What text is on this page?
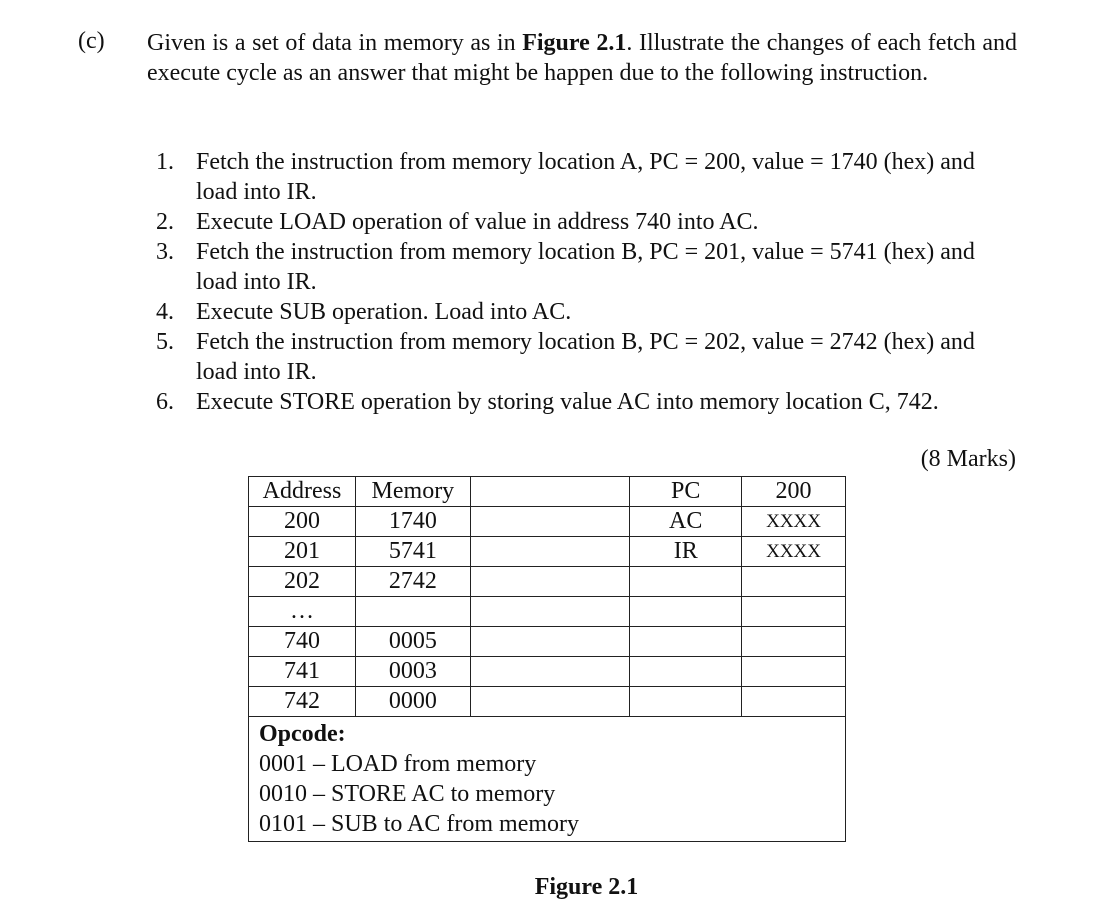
(c) Given is a set of data in memory as in Figure 2.1. Illustrate the changes of each fetch and execute cycle as an answer that might be happen due to the following instruction.
1. Fetch the instruction from memory location A, PC = 200, value = 1740 (hex) and load into IR.
2. Execute LOAD operation of value in address 740 into AC.
3. Fetch the instruction from memory location B, PC = 201, value = 5741 (hex) and load into IR.
4. Execute SUB operation. Load into AC.
5. Fetch the instruction from memory location B, PC = 202, value = 2742 (hex) and load into IR.
6. Execute STORE operation by storing value AC into memory location C, 742.
(8 Marks)
Address	Memory		PC	200
200	1740		AC	XXXX
201	5741		IR	XXXX
202	2742			
…				
740	0005			
741	0003			
742	0000			

Opcode:
0001 – LOAD from memory
0010 – STORE AC to memory
0101 – SUB to AC from memory				
Figure 2.1
